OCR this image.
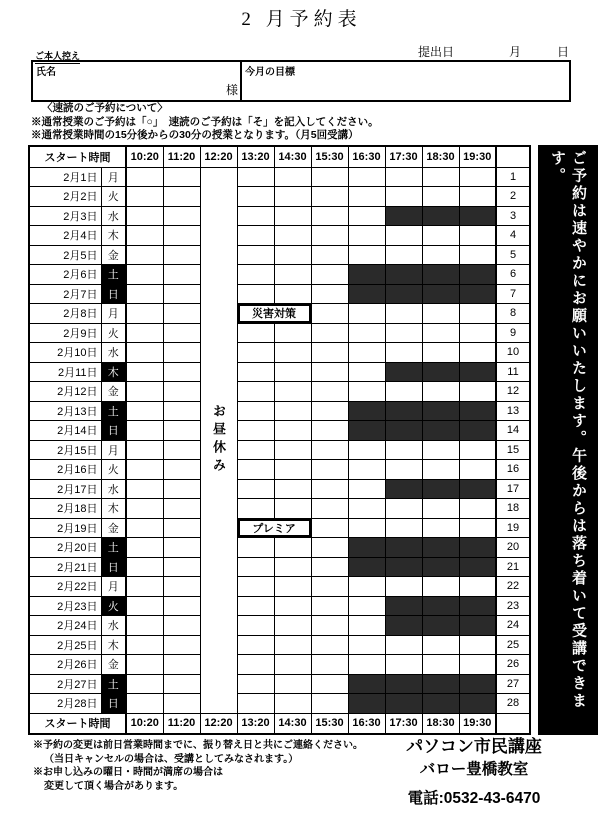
2 月予約表
ご本人控え	提出日	月	日
氏名
様
今月の目標
〈速読のご予約について〉
※通常授業のご予約は「○」　速読のご予約は「そ」を記入してください。
※通常授業時間の15分後からの30分の授業となります。（月5回受講）
スタート時間		10:20	11:20	12:20	13:20	14:30	15:30	16:30	17:30	18:30	19:30	
2月1日	月			お昼休み								1
2月2日	火											2
2月3日	水											3
2月4日	木											4
2月5日	金											5
2月6日	土											6
2月7日	日											7
2月8日	月				災害対策							8
2月9日	火											9
2月10日	水											10
2月11日	木											11
2月12日	金											12
2月13日	土											13
2月14日	日											14
2月15日	月											15
2月16日	火											16
2月17日	水											17
2月18日	木											18
2月19日	金				プレミア							19
2月20日	土											20
2月21日	日											21
2月22日	月											22
2月23日	火											23
2月24日	水											24
2月25日	木											25
2月26日	金											26
2月27日	土											27
2月28日	日											28
スタート時間		10:20	11:20	12:20	13:20	14:30	15:30	16:30	17:30	18:30	19:30	
ご予約は速やかにお願いいたします。午後からは落ち着いて受講できます。
※予約の変更は前日営業時間までに、振り替え日と共にご連絡ください。
（当日キャンセルの場合は、受講としてみなされます。）
※お申し込みの曜日・時間が満席の場合は
変更して頂く場合があります。
パソコン市民講座
バロー豊橋教室
電話:0532-43-6470
